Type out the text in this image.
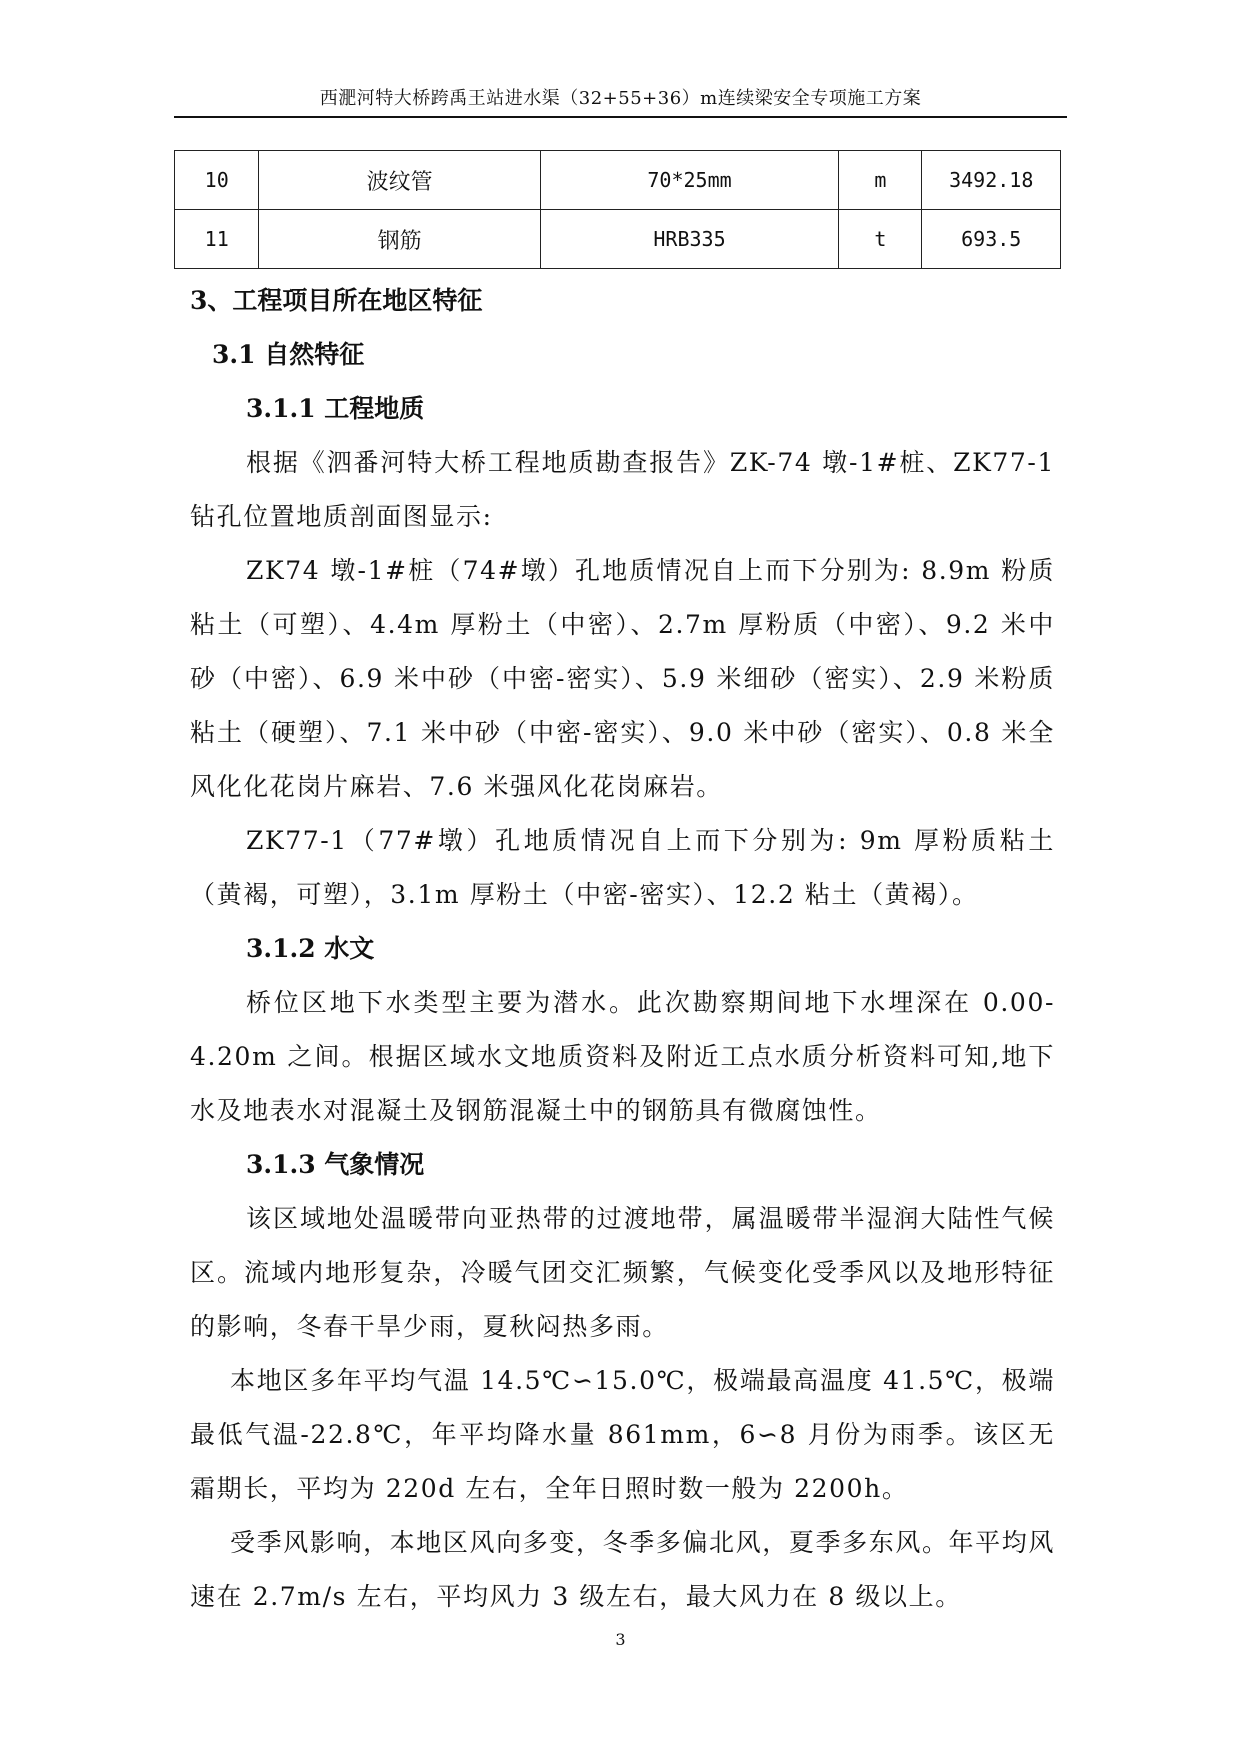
西淝河特大桥跨禹王站进水渠（32+55+36）m连续梁安全专项施工方案
10	波纹管	70*25mm	m	3492.18
11	钢筋	HRB335	t	693.5
3、工程项目所在地区特征
3.1 自然特征
3.1.1 工程地质

根据《泗番河特大桥工程地质勘查报告》ZK-74 墩-1#桩、ZK77-1 钻孔位置地质剖面图显示:

ZK74 墩-1#桩（74#墩）孔地质情况自上而下分别为: 8.9m 粉质粘土（可塑）、4.4m 厚粉土（中密）、2.7m 厚粉质（中密）、9.2 米中砂（中密）、6.9 米中砂（中密-密实）、5.9 米细砂（密实）、2.9 米粉质粘土（硬塑）、7.1 米中砂（中密-密实）、9.0 米中砂（密实）、0.8 米全风化化花岗片麻岩、7.6 米强风化花岗麻岩。

ZK77-1（77#墩）孔地质情况自上而下分别为: 9m 厚粉质粘土（黄褐，可塑），3.1m 厚粉土（中密-密实）、12.2 粘土（黄褐）。

3.1.2 水文

桥位区地下水类型主要为潜水。此次勘察期间地下水埋深在 0.00-4.20m 之间。根据区域水文地质资料及附近工点水质分析资料可知,地下水及地表水对混凝土及钢筋混凝土中的钢筋具有微腐蚀性。

3.1.3 气象情况

该区域地处温暖带向亚热带的过渡地带，属温暖带半湿润大陆性气候区。流域内地形复杂，冷暖气团交汇频繁，气候变化受季风以及地形特征的影响，冬春干旱少雨，夏秋闷热多雨。

本地区多年平均气温 14.5℃∽15.0℃，极端最高温度 41.5℃，极端最低气温-22.8℃，年平均降水量 861mm，6∽8 月份为雨季。该区无霜期长，平均为 220d 左右，全年日照时数一般为 2200h。

受季风影响，本地区风向多变，冬季多偏北风，夏季多东风。年平均风速在 2.7m/s 左右，平均风力 3 级左右，最大风力在 8 级以上。

3
